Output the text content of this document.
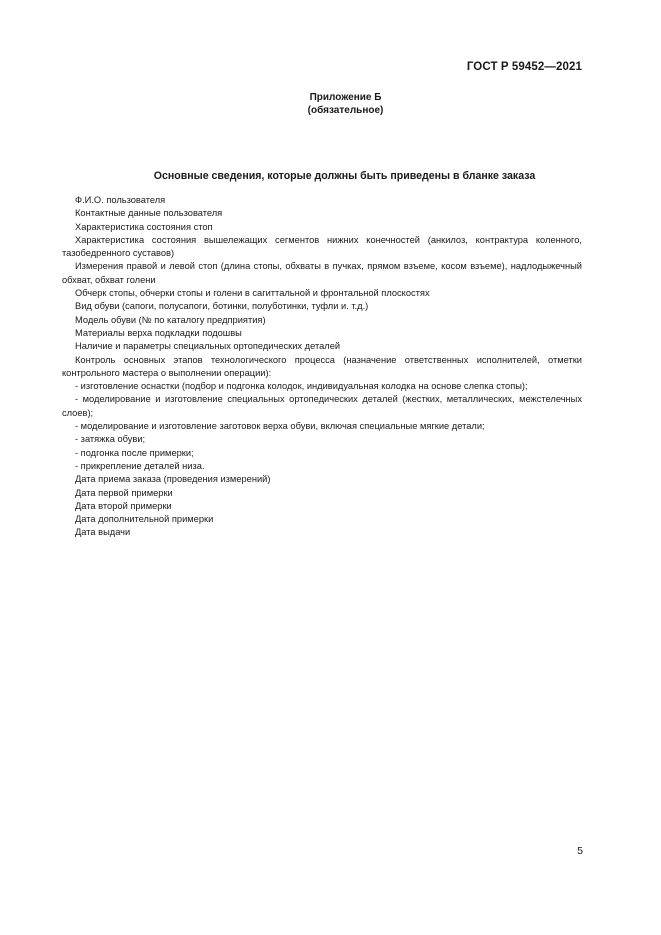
ГОСТ Р 59452—2021
Приложение Б
(обязательное)
Основные сведения, которые должны быть приведены в бланке заказа

Ф.И.О. пользователя

Контактные данные пользователя

Характеристика состояния стоп

Характеристика состояния вышележащих сегментов нижних конечностей (анкилоз, контрактура коленного, тазобедренного суставов)

Измерения правой и левой стоп (длина стопы, обхваты в пучках, прямом взъеме, косом взъеме), надлодыжечный обхват, обхват голени

Обчерк стопы, обчерки стопы и голени в сагиттальной и фронтальной плоскостях

Вид обуви (сапоги, полусапоги, ботинки, полуботинки, туфли и. т.д.)

Модель обуви (№ по каталогу предприятия)

Материалы верха подкладки подошвы

Наличие и параметры специальных ортопедических деталей

Контроль основных этапов технологического процесса (назначение ответственных исполнителей, отметки контрольного мастера о выполнении операции):

- изготовление оснастки (подбор и подгонка колодок, индивидуальная колодка на основе слепка стопы);

- моделирование и изготовление специальных ортопедических деталей (жестких, металлических, межстелечных слоев);

- моделирование и изготовление заготовок верха обуви, включая специальные мягкие детали;

- затяжка обуви;

- подгонка после примерки;

- прикрепление деталей низа.

Дата приема заказа (проведения измерений)

Дата первой примерки

Дата второй примерки

Дата дополнительной примерки

Дата выдачи

5
